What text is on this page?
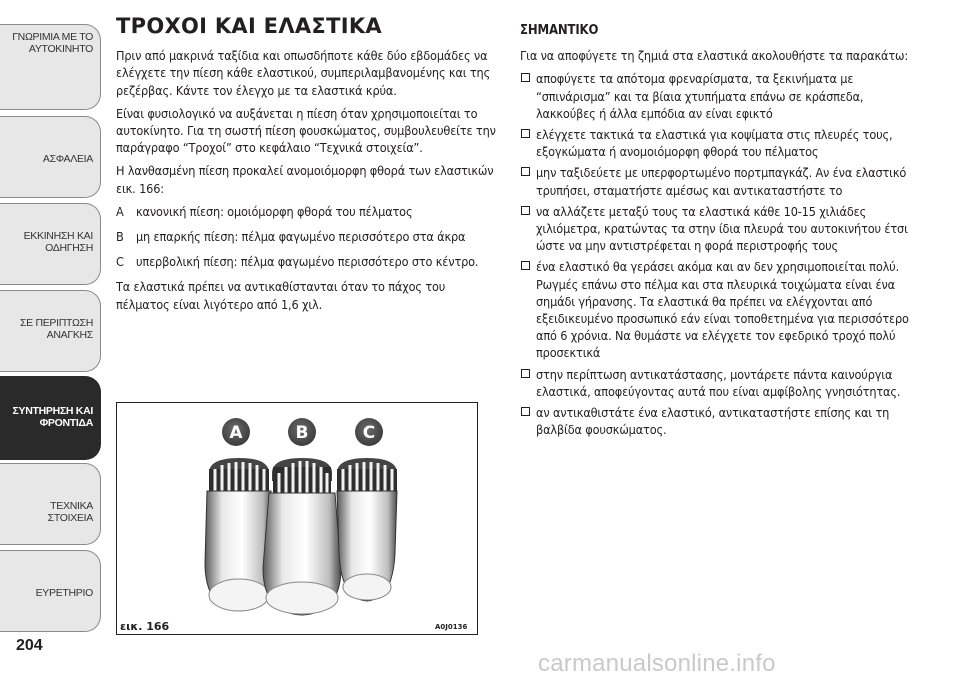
ΓΝΩΡΙΜΙΑ ΜΕ ΤΟ
ΑΥΤΟΚΙΝΗΤΟ
ΑΣΦΑΛΕΙΑ
ΕΚΚΙΝΗΣΗ ΚΑΙ
ΟΔΗΓΗΣΗ
ΣΕ ΠΕΡΙΠΤΩΣΗ
ΑΝΑΓΚΗΣ
ΣΥΝΤΗΡΗΣΗ ΚΑΙ
ΦΡΟΝΤΙΔΑ
ΤΕΧΝΙΚΑ ΣΤΟΙΧΕΙΑ
ΕΥΡΕΤΗΡΙΟ
204
ΤΡΟΧΟΙ ΚΑΙ ΕΛΑΣΤΙΚΑ

Πριν από μακρινά ταξίδια και οπωσδήποτε κάθε δύο εβδομάδες να ελέγχετε την πίεση κάθε ελαστικού, συμπεριλαμβανομένης και της ρεζέρβας. Κάντε τον έλεγχο με τα ελαστικά κρύα.

Είναι φυσιολογικό να αυξάνεται η πίεση όταν χρησιμοποιείται το αυτοκίνητο. Για τη σωστή πίεση φουσκώματος, συμβουλευθείτε την παράγραφο “Τροχοί” στο κεφάλαιο “Τεχνικά στοιχεία”.

Η λανθασμένη πίεση προκαλεί ανομοιόμορφη φθορά των ελαστικών εικ. 166:

A κανονική πίεση: ομοιόμορφη φθορά του πέλματος
B μη επαρκής πίεση: πέλμα φαγωμένο περισσότερο στα άκρα
C υπερβολική πίεση: πέλμα φαγωμένο περισσότερο στο κέντρο.

Τα ελαστικά πρέπει να αντικαθίστανται όταν το πάχος του πέλματος είναι λιγότερο από 1,6 χιλ.

A	B	C
εικ. 166	A0J0136
ΣΗΜΑΝΤΙΚΟ

Για να αποφύγετε τη ζημιά στα ελαστικά ακολουθήστε τα παρακάτω:

αποφύγετε τα απότομα φρεναρίσματα, τα ξεκινήματα με “σπινάρισμα” και τα βίαια χτυπήματα επάνω σε κράσπεδα, λακκούβες ή άλλα εμπόδια αν είναι εφικτό
ελέγχετε τακτικά τα ελαστικά για κοψίματα στις πλευρές τους, εξογκώματα ή ανομοιόμορφη φθορά του πέλματος
μην ταξιδεύετε με υπερφορτωμένο πορτμπαγκάζ. Αν ένα ελαστικό τρυπήσει, σταματήστε αμέσως και αντικαταστήστε το
να αλλάζετε μεταξύ τους τα ελαστικά κάθε 10-15 χιλιάδες χιλιόμετρα, κρατώντας τα στην ίδια πλευρά του αυτοκινήτου έτσι ώστε να μην αντιστρέφεται η φορά περιστροφής τους
ένα ελαστικό θα γεράσει ακόμα και αν δεν χρησιμοποιείται πολύ. Ρωγμές επάνω στο πέλμα και στα πλευρικά τοιχώματα είναι ένα σημάδι γήρανσης. Τα ελαστικά θα πρέπει να ελέγχονται από εξειδικευμένο προσωπικό εάν είναι τοποθετημένα για περισσότερο από 6 χρόνια. Να θυμάστε να ελέγχετε τον εφεδρικό τροχό πολύ προσεκτικά
στην περίπτωση αντικατάστασης, μοντάρετε πάντα καινούργια ελαστικά, αποφεύγοντας αυτά που είναι αμφίβολης γνησιότητας.
αν αντικαθιστάτε ένα ελαστικό, αντικαταστήστε επίσης και τη βαλβίδα φουσκώματος.
carmanualsonline.info
